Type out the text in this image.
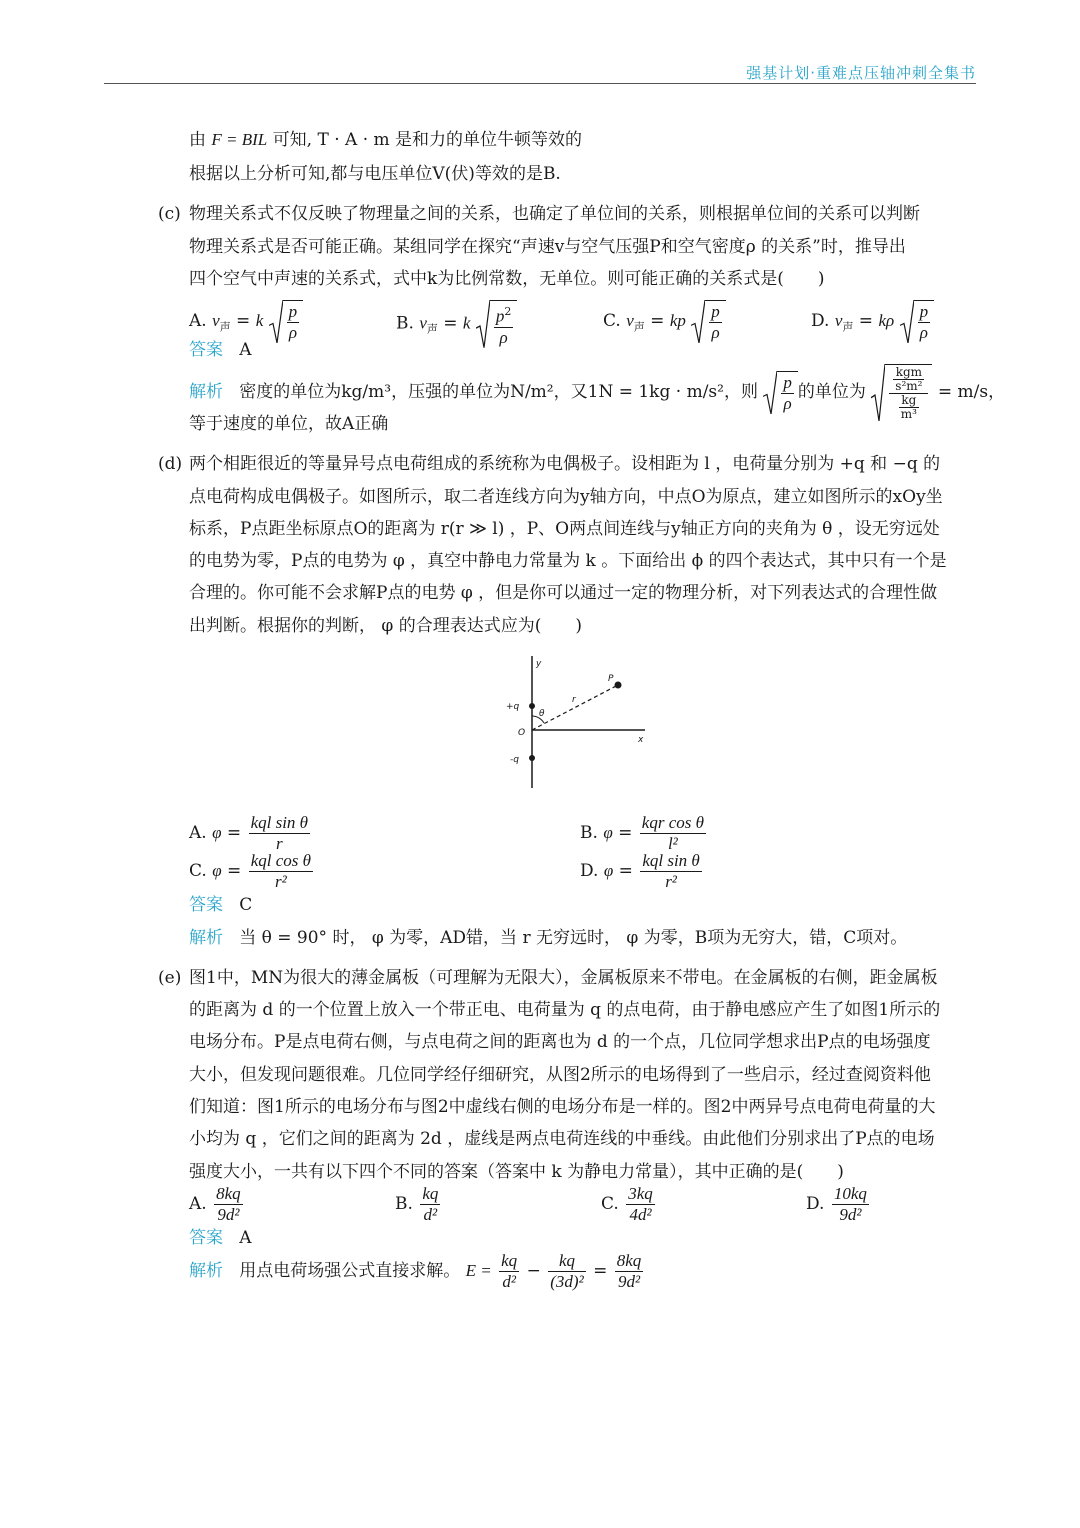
强基计划·重难点压轴冲刺全集书
由 F = BIL 可知, T · A · m 是和力的单位牛顿等效的
根据以上分析可知,都与电压单位V(伏)等效的是B.
(c) 物理关系式不仅反映了物理量之间的关系，也确定了单位间的关系，则根据单位间的关系可以判断
物理关系式是否可能正确。某组同学在探究“声速v与空气压强P和空气密度ρ 的关系”时，推导出
四个空气中声速的关系式，式中k为比例常数，无单位。则可能正确的关系式是(　　)
A. $v_声 = k \frac{p}{\rho}$	B. $v_声 = k \frac{p^2}{\rho}$	C. $v_声$ = kp $\frac{p}{\rho}$	D. $v_声 = k\rho \frac{p}{\rho}$
答案 A
解析 密度的单位为kg/m³，压强的单位为N/m²，又1N = 1kg · m/s²，则 $\frac{p}{\rho}$ 的单位为 $\frac{\frac{\text{kgm}}{\text{s²m²}}}{\frac{kg}{\text{m³}}} = m/s$，
等于速度的单位，故A正确
(d) 两个相距很近的等量异号点电荷组成的系统称为电偶极子。设相距为 l ，电荷量分别为 +q 和 −q 的
点电荷构成电偶极子。如图所示，取二者连线方向为y轴方向，中点O为原点，建立如图所示的xOy坐
标系，P点距坐标原点O的距离为 r(r ≫ l) ，P、O两点间连线与y轴正方向的夹角为 θ ，设无穷远处
的电势为零，P点的电势为 φ ，真空中静电力常量为 k 。下面给出 ϕ 的四个表达式，其中只有一个是
合理的。你可能不会求解P点的电势 φ ，但是你可以通过一定的物理分析，对下列表达式的合理性做
出判断。根据你的判断， φ 的合理表达式应为(　　)
y
x
O
P
r
θ
+q
-q
A. $\varphi = \frac{\text{kql sin θ}}{r}$	B. $\varphi = \frac{\text{kqr cos θ}}{\text{l²}}$
C. $\varphi = \frac{\text{kql cos θ}}{\text{r²}}$	D. $\varphi = \frac{\text{kql sin θ}}{\text{r²}}$
答案 C
解析 当 θ = 90° 时， φ 为零，AD错，当 r 无穷远时， φ 为零，B项为无穷大，错，C项对。
(e) 图1中，MN为很大的薄金属板（可理解为无限大），金属板原来不带电。在金属板的右侧，距金属板
的距离为 d 的一个位置上放入一个带正电、电荷量为 q 的点电荷，由于静电感应产生了如图1所示的
电场分布。P是点电荷右侧，与点电荷之间的距离也为 d 的一个点，几位同学想求出P点的电场强度
大小，但发现问题很难。几位同学经仔细研究，从图2所示的电场得到了一些启示，经过查阅资料他
们知道：图1所示的电场分布与图2中虚线右侧的电场分布是一样的。图2中两异号点电荷电荷量的大
小均为 q ，它们之间的距离为 2d ，虚线是两点电荷连线的中垂线。由此他们分别求出了P点的电场
强度大小，一共有以下四个不同的答案（答案中 k 为静电力常量），其中正确的是(　　)
A. $\frac{8kq}{\text{9d²}}$	B. $\frac{kq}{\text{d²}}$	C. $\frac{3kq}{\text{4d²}}$	D. $\frac{10kq}{\text{9d²}}$
答案 A
解析 用点电荷场强公式直接求解。 $E = \frac{kq}{\text{d²}} - \frac{kq}{\text{(3d)²}} = \frac{8kq}{\text{9d²}}$
